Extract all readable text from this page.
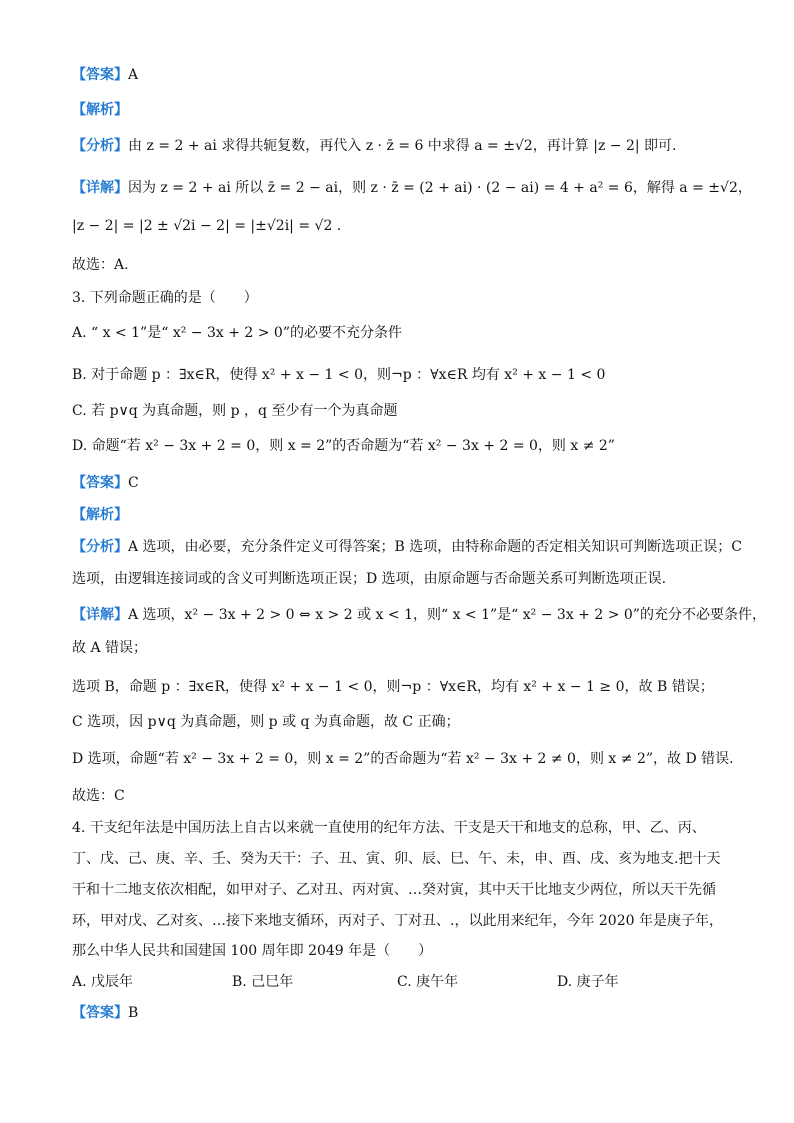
【答案】A
【解析】
【分析】由 z = 2 + ai 求得共轭复数，再代入 z · z̄ = 6 中求得 a = ±√2，再计算 |z − 2| 即可.
【详解】因为 z = 2 + ai 所以 z̄ = 2 − ai，则 z · z̄ = (2 + ai) · (2 − ai) = 4 + a² = 6，解得 a = ±√2，
|z − 2| = |2 ± √2i − 2| = |±√2i| = √2 .
故选：A.
3. 下列命题正确的是（　　）
A. “ x < 1”是“ x² − 3x + 2 > 0”的必要不充分条件
B. 对于命题 p ：∃x∈R，使得 x² + x − 1 < 0，则¬p ：∀x∈R 均有 x² + x − 1 < 0
C. 若 p∨q 为真命题，则 p ，q 至少有一个为真命题
D. 命题“若 x² − 3x + 2 = 0，则 x = 2”的否命题为“若 x² − 3x + 2 = 0，则 x ≠ 2”
【答案】C
【解析】
【分析】A 选项，由必要，充分条件定义可得答案；B 选项，由特称命题的否定相关知识可判断选项正误；C
选项，由逻辑连接词或的含义可判断选项正误；D 选项，由原命题与否命题关系可判断选项正误.
【详解】A 选项，x² − 3x + 2 > 0 ⇔ x > 2 或 x < 1，则“ x < 1”是“ x² − 3x + 2 > 0”的充分不必要条件，
故 A 错误；
选项 B，命题 p ：∃x∈R，使得 x² + x − 1 < 0，则¬p ：∀x∈R，均有 x² + x − 1 ≥ 0，故 B 错误；
C 选项，因 p∨q 为真命题，则 p 或 q 为真命题，故 C 正确；
D 选项，命题“若 x² − 3x + 2 = 0，则 x = 2”的否命题为“若 x² − 3x + 2 ≠ 0，则 x ≠ 2”，故 D 错误.
故选：C
4. 干支纪年法是中国历法上自古以来就一直使用的纪年方法、干支是天干和地支的总称，甲、乙、丙、
丁、戊、己、庚、辛、壬、癸为天干：子、丑、寅、卯、辰、巳、午、未，申、酉、戌、亥为地支.把十天
干和十二地支依次相配，如甲对子、乙对丑、丙对寅、…癸对寅，其中天干比地支少两位，所以天干先循
环，甲对戊、乙对亥、…接下来地支循环，丙对子、丁对丑、.，以此用来纪年，今年 2020 年是庚子年，
那么中华人民共和国建国 100 周年即 2049 年是（　　）
A. 戊辰年	B. 己巳年	C. 庚午年	D. 庚子年
【答案】B
